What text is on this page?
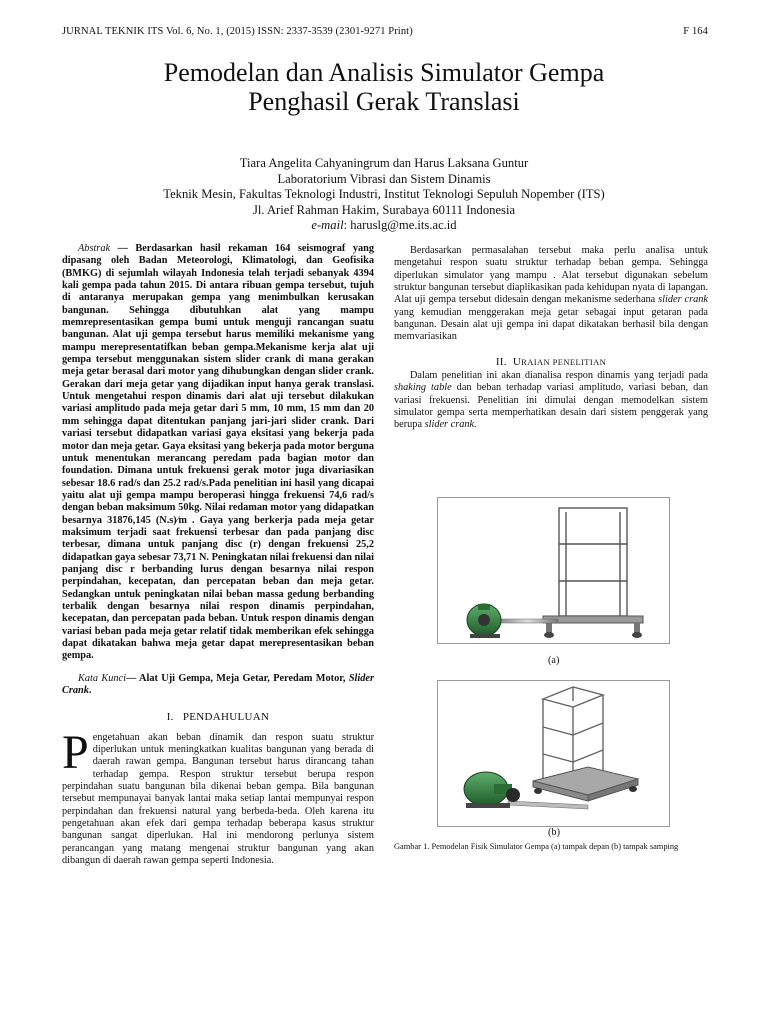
JURNAL TEKNIK ITS Vol. 6, No. 1, (2015) ISSN: 2337-3539 (2301-9271 Print)	F 164
Pemodelan dan Analisis Simulator Gempa
Penghasil Gerak Translasi
Tiara Angelita Cahyaningrum dan Harus Laksana Guntur
Laboratorium Vibrasi dan Sistem Dinamis
Teknik Mesin, Fakultas Teknologi Industri, Institut Teknologi Sepuluh Nopember (ITS)
Jl. Arief Rahman Hakim, Surabaya 60111 Indonesia
e-mail: haruslg@me.its.ac.id

Abstrak — Berdasarkan hasil rekaman 164 seismograf yang dipasang oleh Badan Meteorologi, Klimatologi, dan Geofisika (BMKG) di sejumlah wilayah Indonesia telah terjadi sebanyak 4394 kali gempa pada tahun 2015. Di antara ribuan gempa tersebut, tujuh di antaranya merupakan gempa yang menimbulkan kerusakan bangunan. Sehingga dibutuhkan alat yang mampu memrepresentasikan gempa bumi untuk menguji rancangan suatu bangunan. Alat uji gempa tersebut harus memiliki mekanisme yang mampu merepresentatifkan beban gempa.Mekanisme kerja alat uji gempa tersebut menggunakan sistem slider crank di mana gerakan meja getar berasal dari motor yang dihubungkan dengan slider crank. Gerakan dari meja getar yang dijadikan input hanya gerak translasi. Untuk mengetahui respon dinamis dari alat uji tersebut dilakukan variasi amplitudo pada meja getar dari 5 mm, 10 mm, 15 mm dan 20 mm sehingga dapat ditentukan panjang jari-jari slider crank. Dari variasi tersebut didapatkan variasi gaya eksitasi yang bekerja pada motor dan meja getar. Gaya eksitasi yang bekerja pada motor berguna untuk menentukan merancang peredam pada bagian motor dan foundation. Dimana untuk frekuensi gerak motor juga divariasikan sebesar 18.6 rad/s dan 25.2 rad/s.Pada penelitian ini hasil yang dicapai yaitu alat uji gempa mampu beroperasi hingga frekuensi 74,6 rad/s dengan beban maksimum 50kg. Nilai redaman motor yang didapatkan besarnya 31876,145 (N.s)⁄m . Gaya yang berkerja pada meja getar maksimum terjadi saat frekuensi terbesar dan pada panjang disc terbesar, dimana untuk panjang disc (r) dengan frekuensi 25,2 didapatkan gaya sebesar 73,71 N. Peningkatan nilai frekuensi dan nilai panjang disc r berbanding lurus dengan besarnya nilai respon perpindahan, kecepatan, dan percepatan beban dan meja getar. Sedangkan untuk peningkatan nilai beban massa gedung berbanding terbalik dengan besarnya nilai respon dinamis perpindahan, kecepatan, dan percepatan pada beban. Untuk respon dinamis dengan variasi beban pada meja getar relatif tidak memberikan efek sehingga dapat dikatakan bahwa meja getar dapat merepresentasikan beban gempa.

Kata Kunci— Alat Uji Gempa, Meja Getar, Peredam Motor, Slider Crank.

I. PENDAHULUAN

Pengetahuan akan beban dinamik dan respon suatu struktur diperlukan untuk meningkatkan kualitas bangunan yang berada di daerah rawan gempa. Bangunan tersebut harus dirancang tahan terhadap gempa. Respon struktur tersebut berupa respon perpindahan suatu bangunan bila dikenai beban gempa. Bila bangunan tersebut mempunayai banyak lantai maka setiap lantai mempunyai respon perpindahan dan frekuensi natural yang berbeda-beda. Oleh karena itu pengetahuan akan efek dari gempa terhadap beberapa kasus struktur bangunan sangat diperlukan. Hal ini mendorong perlunya sistem perancangan yang matang mengenai struktur bangunan yang akan dibangun di daerah rawan gempa seperti Indonesia.

Berdasarkan permasalahan tersebut maka perlu analisa untuk mengetahui respon suatu struktur terhadap beban gempa. Sehingga diperlukan simulator yang mampu . Alat tersebut digunakan sebelum struktur bangunan tersebut diaplikasikan pada kehidupan nyata di lapangan. Alat uji gempa tersebut didesain dengan mekanisme sederhana slider crank yang kemudian menggerakan meja getar sebagai input getaran pada bangunan. Desain alat uji gempa ini dapat dikatakan berhasil bila dengan memvariasikan

II. URAIAN PENELITIAN

Dalam penelitian ini akan dianalisa respon dinamis yang terjadi pada shaking table dan beban terhadap variasi amplitudo, variasi beban, dan variasi frekuensi. Penelitian ini dimulai dengan memodelkan sistem simulator gempa serta memperhatikan desain dari sistem penggerak yang berupa slider crank.

(a)
(b)
Gambar 1. Pemodelan Fisik Simulator Gempa (a) tampak depan (b) tampak samping
